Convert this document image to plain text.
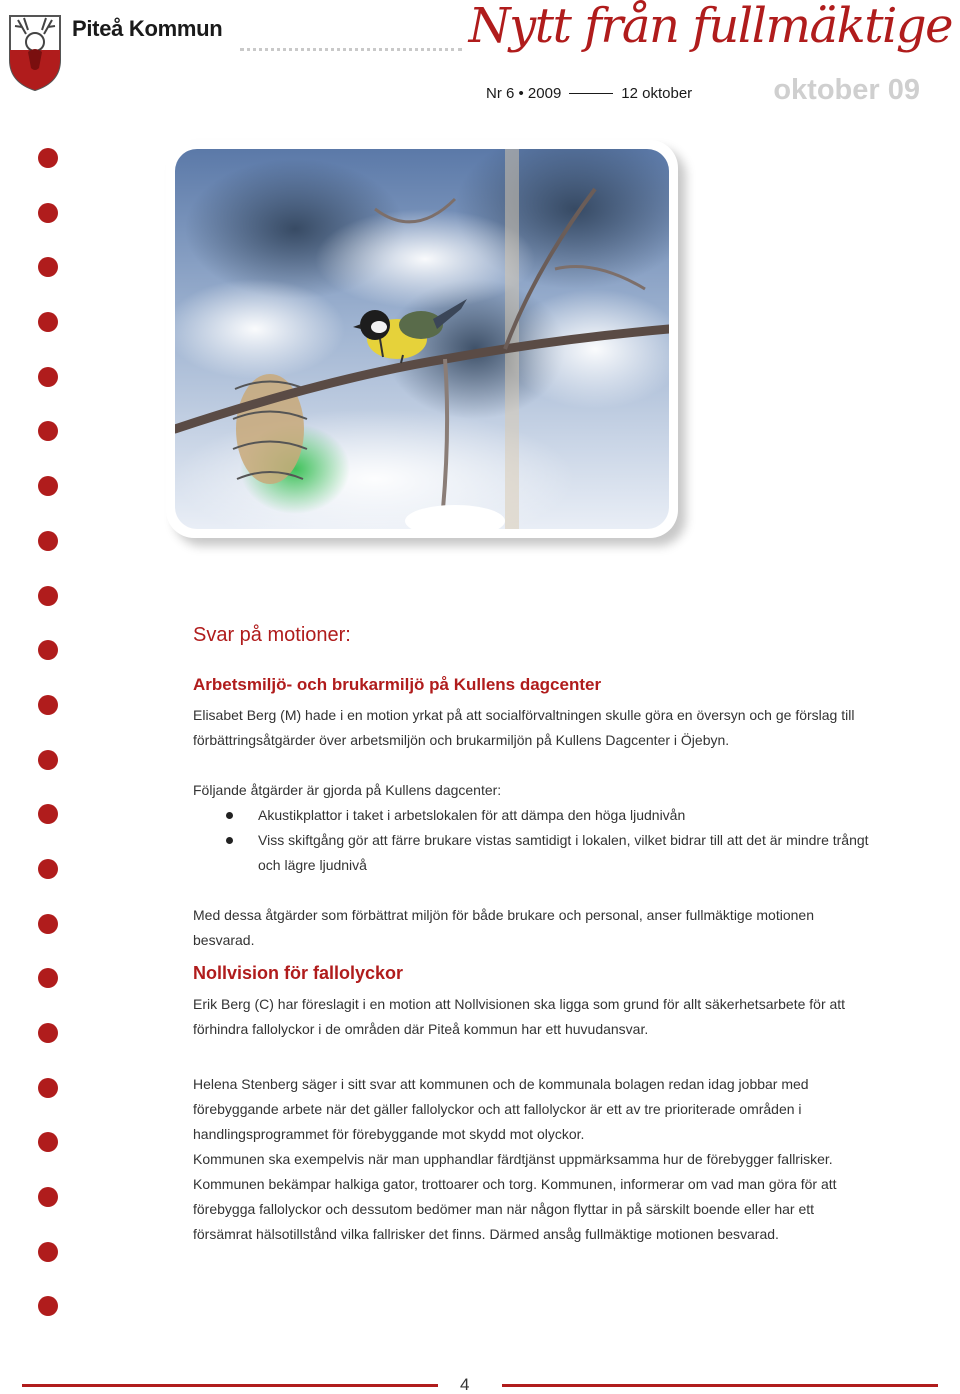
Piteå Kommun	Nytt från fullmäktige
Nr 6 • 2009	12 oktober	oktober 09
Svar på motioner:
Arbetsmiljö- och brukarmiljö på Kullens dagcenter

Elisabet Berg (M) hade i en motion yrkat på att socialförvaltningen skulle göra en översyn och ge förslag till förbättringsåtgärder över arbetsmiljön och brukarmiljön på Kullens Dagcenter i Öjebyn.

Följande åtgärder är gjorda på Kullens dagcenter:

Akustikplattor i taket i arbetslokalen för att dämpa den höga ljudnivån
Viss skiftgång gör att färre brukare vistas samtidigt i lokalen, vilket bidrar till att det är mindre trångt och lägre ljudnivå

Med dessa åtgärder som förbättrat miljön för både brukare och personal, anser fullmäktige motionen besvarad.

Nollvision för fallolyckor

Erik Berg (C) har föreslagit i en motion att Nollvisionen ska ligga som grund för allt säkerhetsarbete för att förhindra fallolyckor i de områden där Piteå kommun har ett huvudansvar.

Helena Stenberg säger i sitt svar att kommunen och de kommunala bolagen redan idag jobbar med förebyggande arbete när det gäller fallolyckor och att fallolyckor är ett av tre prioriterade områden i handlingsprogrammet för förebyggande mot skydd mot olyckor.

Kommunen ska exempelvis när man upphandlar färdtjänst uppmärksamma hur de förebygger fallrisker. Kommunen bekämpar halkiga gator, trottoarer och torg. Kommunen, informerar om vad man göra för att förebygga fallolyckor och dessutom bedömer man när någon flyttar in på särskilt boende eller har ett försämrat hälsotillstånd vilka fallrisker det finns. Därmed ansåg fullmäktige motionen besvarad.

4
